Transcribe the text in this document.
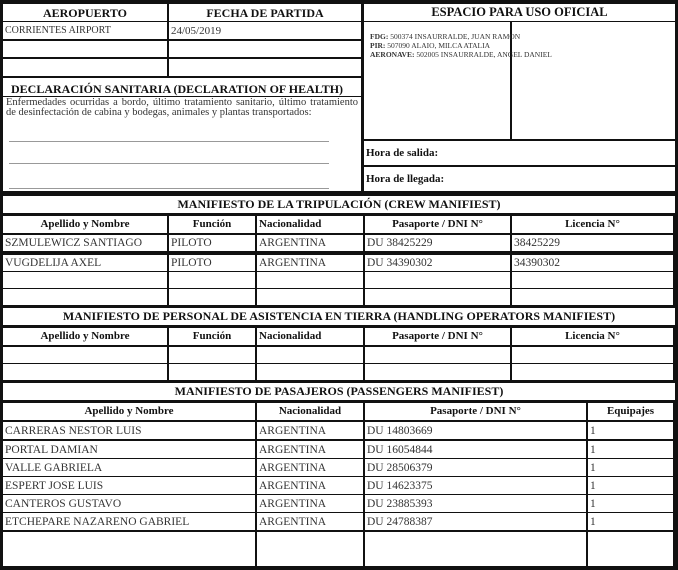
AEROPUERTO	FECHA DE PARTIDA
CORRIENTES AIRPORT	24/05/2019
ESPACIO PARA USO OFICIAL
FDG: 500374 INSAURRALDE, JUAN RAMON
PIR: 507090 ALAIO, MILCA ATALIA
AERONAVE: 502005 INSAURRALDE, ANGEL DANIEL
Hora de salida:
Hora de llegada:
DECLARACIÓN SANITARIA (DECLARATION OF HEALTH)
Enfermedades ocurridas a bordo, último tratamiento sanitario, último tratamiento de desinfectación de cabina y bodegas, animales y plantas transportados:
MANIFIESTO DE LA TRIPULACIÓN (CREW MANIFIEST)
Apellido y Nombre	Función	Nacionalidad	Pasaporte / DNI N°	Licencia N°
SZMULEWICZ SANTIAGO	PILOTO	ARGENTINA	DU 38425229	38425229
VUGDELIJA AXEL	PILOTO	ARGENTINA	DU 34390302	34390302
MANIFIESTO DE PERSONAL DE ASISTENCIA EN TIERRA (HANDLING OPERATORS MANIFIEST)
Apellido y Nombre	Función	Nacionalidad	Pasaporte / DNI N°	Licencia N°
MANIFIESTO DE PASAJEROS (PASSENGERS MANIFIEST)
Apellido y Nombre	Nacionalidad	Pasaporte / DNI N°	Equipajes
CARRERAS NESTOR LUIS	ARGENTINA	DU 14803669	1
PORTAL DAMIAN	ARGENTINA	DU 16054844	1
VALLE GABRIELA	ARGENTINA	DU 28506379	1
ESPERT JOSE LUIS	ARGENTINA	DU 14623375	1
CANTEROS GUSTAVO	ARGENTINA	DU 23885393	1
ETCHEPARE NAZARENO GABRIEL	ARGENTINA	DU 24788387	1
